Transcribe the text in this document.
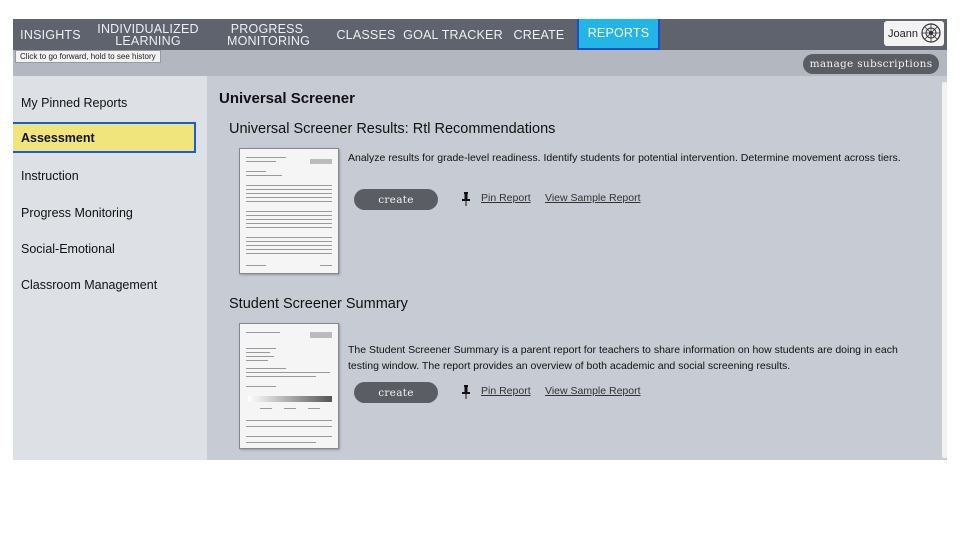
INSIGHTS	INDIVIDUALIZED LEARNING
PROGRESS MONITORING CLASSES GOAL TRACKER CREATE REPORTS	Joann
Click to go forward, hold to see history
manage subscriptions
My Pinned Reports
Assessment
Instruction
Progress Monitoring
Social-Emotional
Classroom Management
Universal Screener
Universal Screener Results: Rtl Recommendations
Analyze results for grade-level readiness. Identify students for potential intervention. Determine movement across tiers.
create	Pin Report View Sample Report
Student Screener Summary
The Student Screener Summary is a parent report for teachers to share information on how students are doing in each testing window. The report provides an overview of both academic and social screening results.
create	Pin Report View Sample Report
